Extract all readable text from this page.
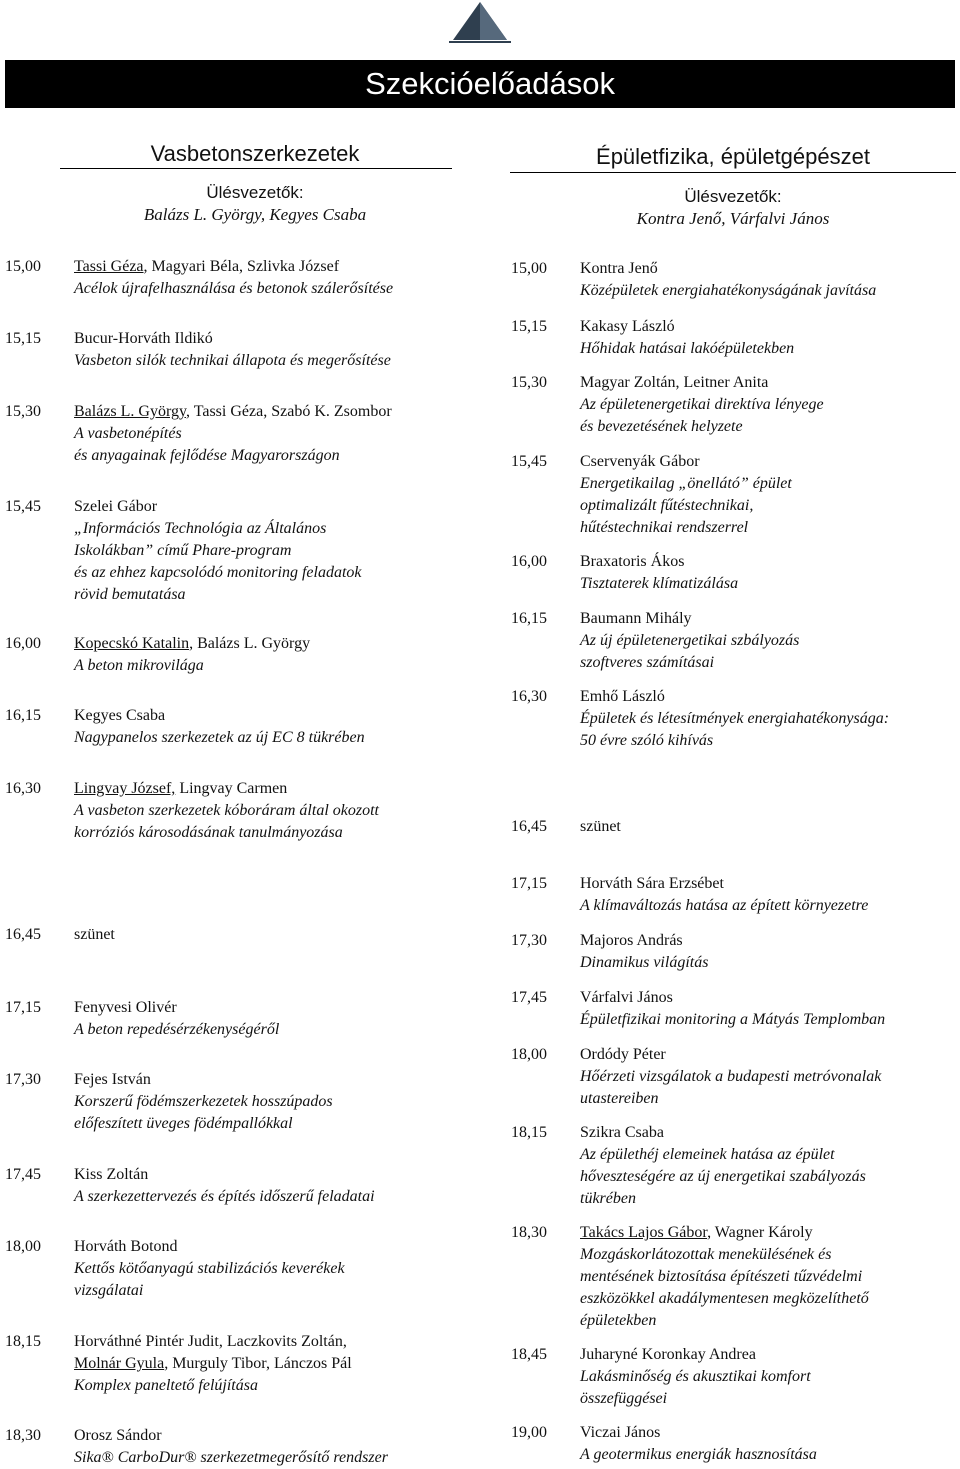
Szekcióelőadások
Vasbetonszerkezetek
Ülésvezetők:
Balázs L. György, Kegyes Csaba
Épületfizika, épületgépészet
Ülésvezetők:
Kontra Jenő, Várfalvi János
15,00 Tassi Géza, Magyari Béla, Szlivka József
Acélok újrafelhasználása és betonok szálerősítése
15,15 Bucur-Horváth Ildikó
Vasbeton silók technikai állapota és megerősítése
15,30 Balázs L. György, Tassi Géza, Szabó K. Zsombor
A vasbetonépítés
és anyagainak fejlődése Magyarországon
15,45 Szelei Gábor
„Információs Technológia az Általános
Iskolákban” című Phare-program
és az ehhez kapcsolódó monitoring feladatok
rövid bemutatása
16,00 Kopecskó Katalin, Balázs L. György
A beton mikrovilága
16,15 Kegyes Csaba
Nagypanelos szerkezetek az új EC 8 tükrében
16,30 Lingvay József, Lingvay Carmen
A vasbeton szerkezetek kóboráram által okozott
korróziós károsodásának tanulmányozása
16,45 szünet
17,15 Fenyvesi Olivér
A beton repedésérzékenységéről
17,30 Fejes István
Korszerű födémszerkezetek hosszúpados
előfeszített üveges födémpallókkal
17,45 Kiss Zoltán
A szerkezettervezés és építés időszerű feladatai
18,00 Horváth Botond
Kettős kötőanyagú stabilizációs keverékek
vizsgálatai
18,15 Horváthné Pintér Judit, Laczkovits Zoltán,
Molnár Gyula, Murguly Tibor, Lánczos Pál
Komplex paneltető felújítása
18,30 Orosz Sándor
Sika® CarboDur® szerkezetmegerősítő rendszer
15,00 Kontra Jenő
Középületek energiahatékonyságának javítása
15,15 Kakasy László
Hőhidak hatásai lakóépületekben
15,30 Magyar Zoltán, Leitner Anita
Az épületenergetikai direktíva lényege
és bevezetésének helyzete
15,45 Cservenyák Gábor
Energetikailag „önellátó” épület
optimalizált fűtéstechnikai,
hűtéstechnikai rendszerrel
16,00 Braxatoris Ákos
Tisztaterek klímatizálása
16,15 Baumann Mihály
Az új épületenergetikai szbályozás
szoftveres számításai
16,30 Emhő László
Épületek és létesítmények energiahatékonysága:
50 évre szóló kihívás
16,45 szünet
17,15 Horváth Sára Erzsébet
A klímaváltozás hatása az épített környezetre
17,30 Majoros András
Dinamikus világítás
17,45 Várfalvi János
Épületfizikai monitoring a Mátyás Templomban
18,00 Ordódy Péter
Hőérzeti vizsgálatok a budapesti metróvonalak
utastereiben
18,15 Szikra Csaba
Az épülethéj elemeinek hatása az épület
hőveszteségére az új energetikai szabályozás
tükrében
18,30 Takács Lajos Gábor, Wagner Károly
Mozgáskorlátozottak menekülésének és
mentésének biztosítása építészeti tűzvédelmi
eszközökkel akadálymentesen megközelíthető
épületekben
18,45 Juharyné Koronkay Andrea
Lakásminőség és akusztikai komfort
összefüggései
19,00 Viczai János
A geotermikus energiák hasznosítása
